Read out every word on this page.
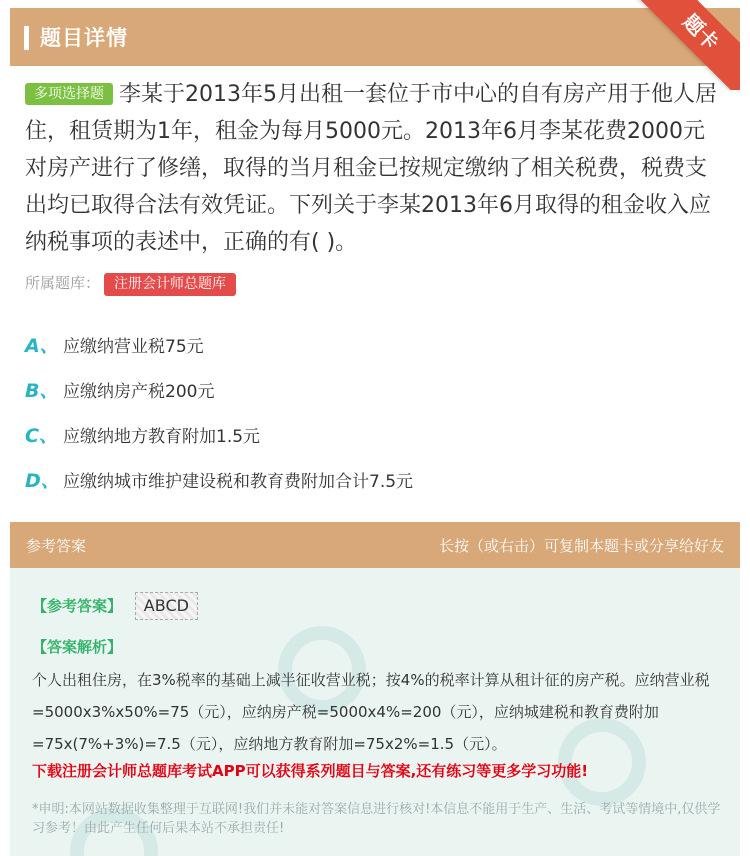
题目详情	题卡
多项选择题 李某于2013年5月出租一套位于市中心的自有房产用于他人居住，租赁期为1年，租金为每月5000元。2013年6月李某花费2000元对房产进行了修缮，取得的当月租金已按规定缴纳了相关税费，税费支出均已取得合法有效凭证。下列关于李某2013年6月取得的租金收入应纳税事项的表述中，正确的有( )。
所属题库： 注册会计师总题库
A、 应缴纳营业税75元
B、 应缴纳房产税200元
C、 应缴纳地方教育附加1.5元
D、 应缴纳城市维护建设税和教育费附加合计7.5元
参考答案	长按（或右击）可复制本题卡或分享给好友
【参考答案】 ABCD
【答案解析】
个人出租住房，在3%税率的基础上减半征收营业税；按4%的税率计算从租计征的房产税。应纳营业税=5000x3%x50%=75（元），应纳房产税=5000x4%=200（元），应纳城建税和教育费附加=75x(7%+3%)=7.5（元），应纳地方教育附加=75x2%=1.5（元）。
下载注册会计师总题库考试APP可以获得系列题目与答案,还有练习等更多学习功能!
*申明:本网站数据收集整理于互联网!我们并未能对答案信息进行核对!本信息不能用于生产、生活、考试等情境中,仅供学习参考！由此产生任何后果本站不承担责任!
